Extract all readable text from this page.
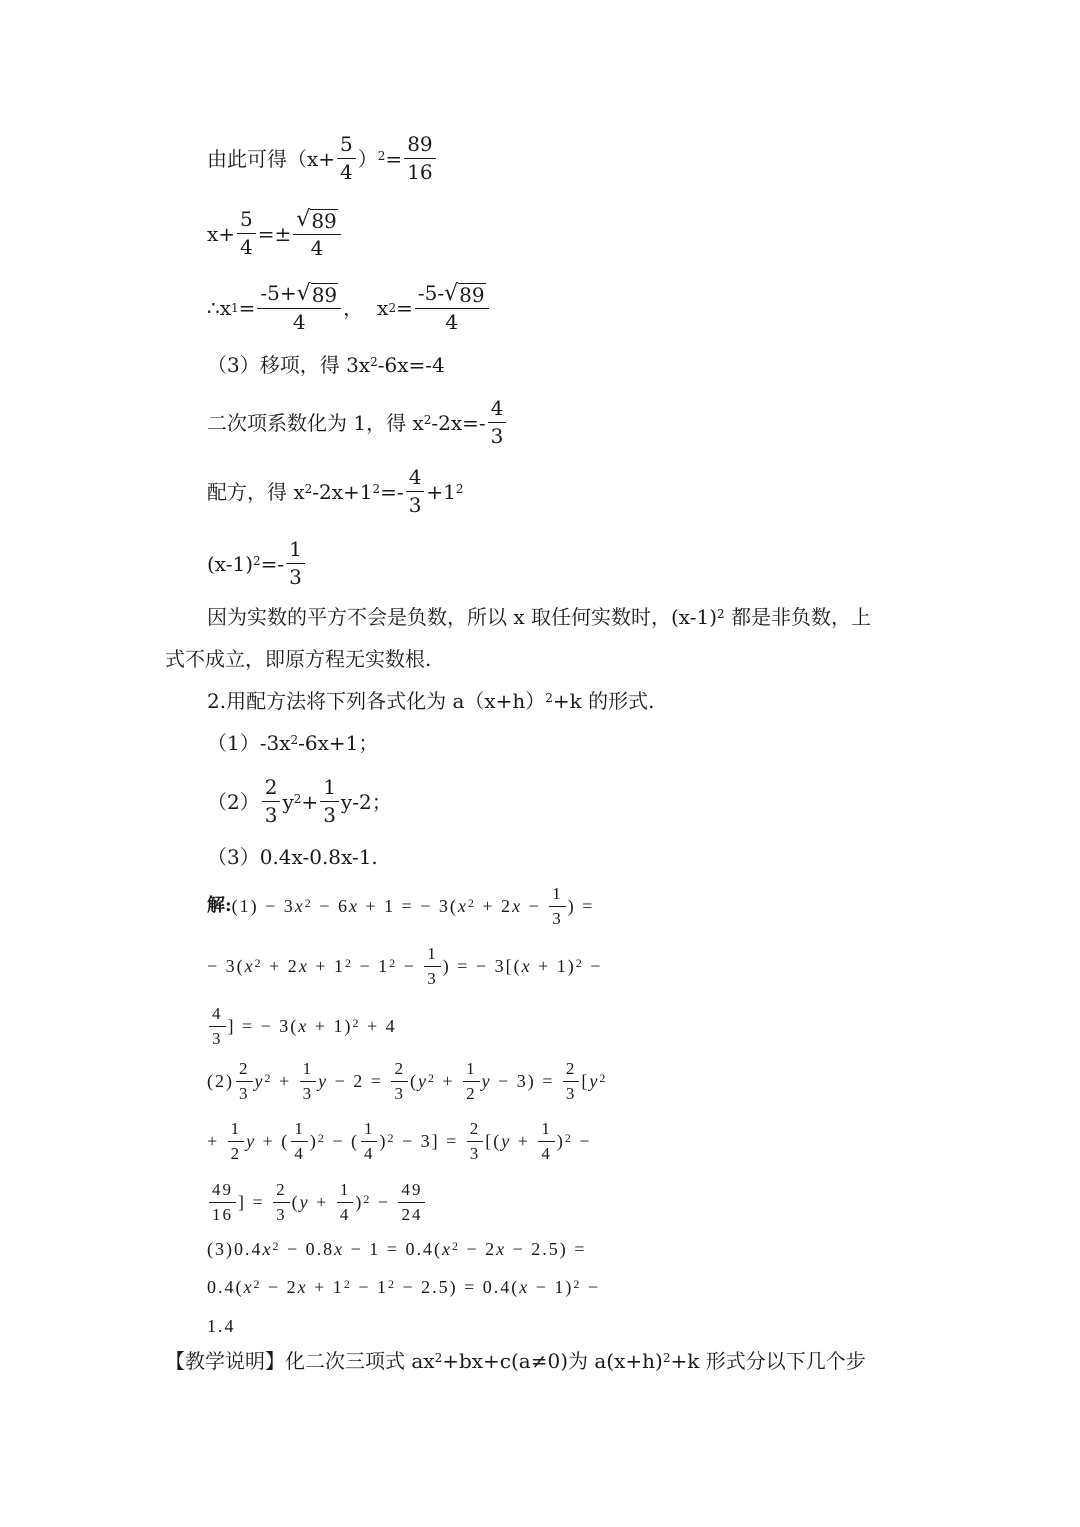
由此可得$(x+ \frac{5}{4} )^2 = \frac{89}{16}$
$x+ \frac{5}{4} =\pm \frac{√ 89}{4}$
∴x $1 = \frac{-5+ √ 89}{4}$ ， x $2 = \frac{-5- √ 89}{4}$
（3）移项，得 $3x^2$ -6x=-4
二次项系数化为 1，得 $x^2$ $-2x=- \frac{4}{3}$
配方，得 $x^2$ $-2x+1^2 =- \frac{4}{3} +1^2$
$(x-1)^2 =- \frac{1}{3}$
因为实数的平方不会是负数，所以 x 取任何实数时，$(x-1)^2$ 都是非负数，上
式不成立，即原方程无实数根.
2.用配方法将下列各式化为 $a(x+h)^2 +k$ 的形式.
$(1)-3x^2$ -6x+1；
$(2) \frac{2}{3} y^2 + \frac{1}{3} y-2$；
（3）0.4x-0.8x-1.
解: (1) − 3 $x^2 - 6$ x + 1 = − 3( $x^2 + 2$ $x - \frac{1}{3}$ ) =
− 3( $x^2 + 2$ $x + 1^2 - 1^2 - \frac{1}{3}$ ) = − 3[( x + 1)$^2$ −
$\frac{4}{3}$ ] = − 3( x + 1)$^2$ + 4
$(2) \frac{2}{3} y^2 + \frac{1}{3}$ $y - 2 = \frac{2}{3}$ ( $y^2 + \frac{1}{2}$ $y - 3) = \frac{2}{3}$ [ $y^2$
+ $\frac{1}{2}$ y + ( $\frac{1}{4} )^2$ − ( $\frac{1}{4} )^2 - 3] = \frac{2}{3}$ [( $y + \frac{1}{4} )^2$ −
$\frac{49}{16}$ ] = $\frac{2}{3}$ ( $y + \frac{1}{4} )^2 - \frac{49}{24}$
(3)0.4 $x^2 - 0.8$ x − 1 = 0.4( $x^2 - 2$ x − 2.5) =
0.4( $x^2 - 2$ $x + 1^2 - 1^2 - 2.5) = 0.4$( x − 1)$^2$ −
1.4
【教学说明】化二次三项式 $ax^2 +bx+c(a\ne 0)$为 $a(x+h)^2 +k$ 形式分以下几个步
